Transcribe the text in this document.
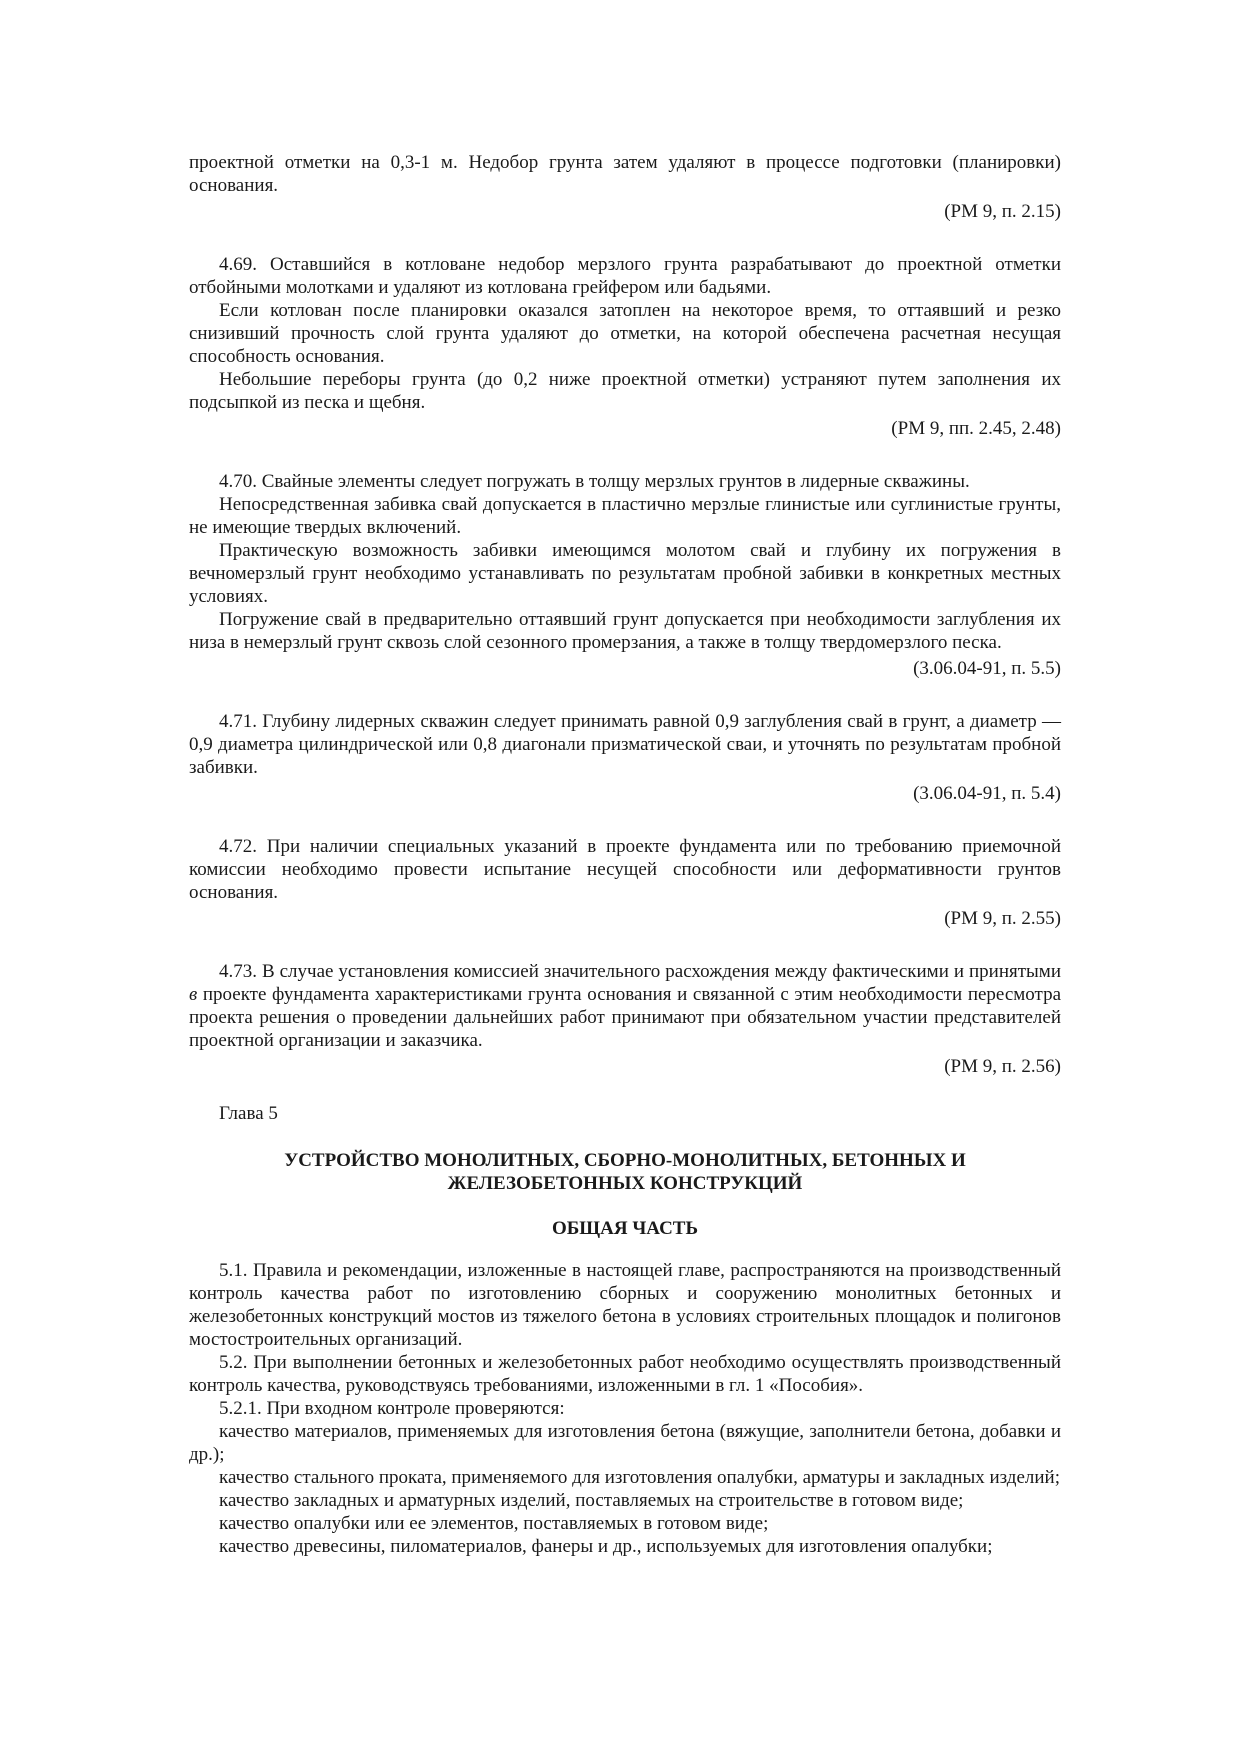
проектной отметки на 0,3-1 м. Недобор грунта затем удаляют в процессе подготовки (планировки) основания.

(РМ 9, п. 2.15)

4.69. Оставшийся в котловане недобор мерзлого грунта разрабатывают до проектной отметки отбойными молотками и удаляют из котлована грейфером или бадьями.

Если котлован после планировки оказался затоплен на некоторое время, то оттаявший и резко снизивший прочность слой грунта удаляют до отметки, на которой обеспечена расчетная несущая способность основания.

Небольшие переборы грунта (до 0,2 ниже проектной отметки) устраняют путем заполнения их подсыпкой из песка и щебня.

(РМ 9, пп. 2.45, 2.48)

4.70. Свайные элементы следует погружать в толщу мерзлых грунтов в лидерные скважины.

Непосредственная забивка свай допускается в пластично мерзлые глинистые или суглинистые грунты, не имеющие твердых включений.

Практическую возможность забивки имеющимся молотом свай и глубину их погружения в вечномерзлый грунт необходимо устанавливать по результатам пробной забивки в конкретных местных условиях.

Погружение свай в предварительно оттаявший грунт допускается при необходимости заглубления их низа в немерзлый грунт сквозь слой сезонного промерзания, а также в толщу твердомерзлого песка.

(3.06.04-91, п. 5.5)

4.71. Глубину лидерных скважин следует принимать равной 0,9 заглубления свай в грунт, а диаметр — 0,9 диаметра цилиндрической или 0,8 диагонали призматической сваи, и уточнять по результатам пробной забивки.

(3.06.04-91, п. 5.4)

4.72. При наличии специальных указаний в проекте фундамента или по требованию приемочной комиссии необходимо провести испытание несущей способности или деформативности грунтов основания.

(РМ 9, п. 2.55)

4.73. В случае установления комиссией значительного расхождения между фактическими и принятыми в проекте фундамента характеристиками грунта основания и связанной с этим необходимости пересмотра проекта решения о проведении дальнейших работ принимают при обязательном участии представителей проектной организации и заказчика.

(РМ 9, п. 2.56)

Глава 5

УСТРОЙСТВО МОНОЛИТНЫХ, СБОРНО-МОНОЛИТНЫХ, БЕТОННЫХ И ЖЕЛЕЗОБЕТОННЫХ КОНСТРУКЦИЙ

ОБЩАЯ ЧАСТЬ

5.1. Правила и рекомендации, изложенные в настоящей главе, распространяются на производственный контроль качества работ по изготовлению сборных и сооружению монолитных бетонных и железобетонных конструкций мостов из тяжелого бетона в условиях строительных площадок и полигонов мостостроительных организаций.

5.2. При выполнении бетонных и железобетонных работ необходимо осуществлять производственный контроль качества, руководствуясь требованиями, изложенными в гл. 1 «Пособия».

5.2.1. При входном контроле проверяются:

качество материалов, применяемых для изготовления бетона (вяжущие, заполнители бетона, добавки и др.);

качество стального проката, применяемого для изготовления опалубки, арматуры и закладных изделий;

качество закладных и арматурных изделий, поставляемых на строительстве в готовом виде;

качество опалубки или ее элементов, поставляемых в готовом виде;

качество древесины, пиломатериалов, фанеры и др., используемых для изготовления опалубки;
